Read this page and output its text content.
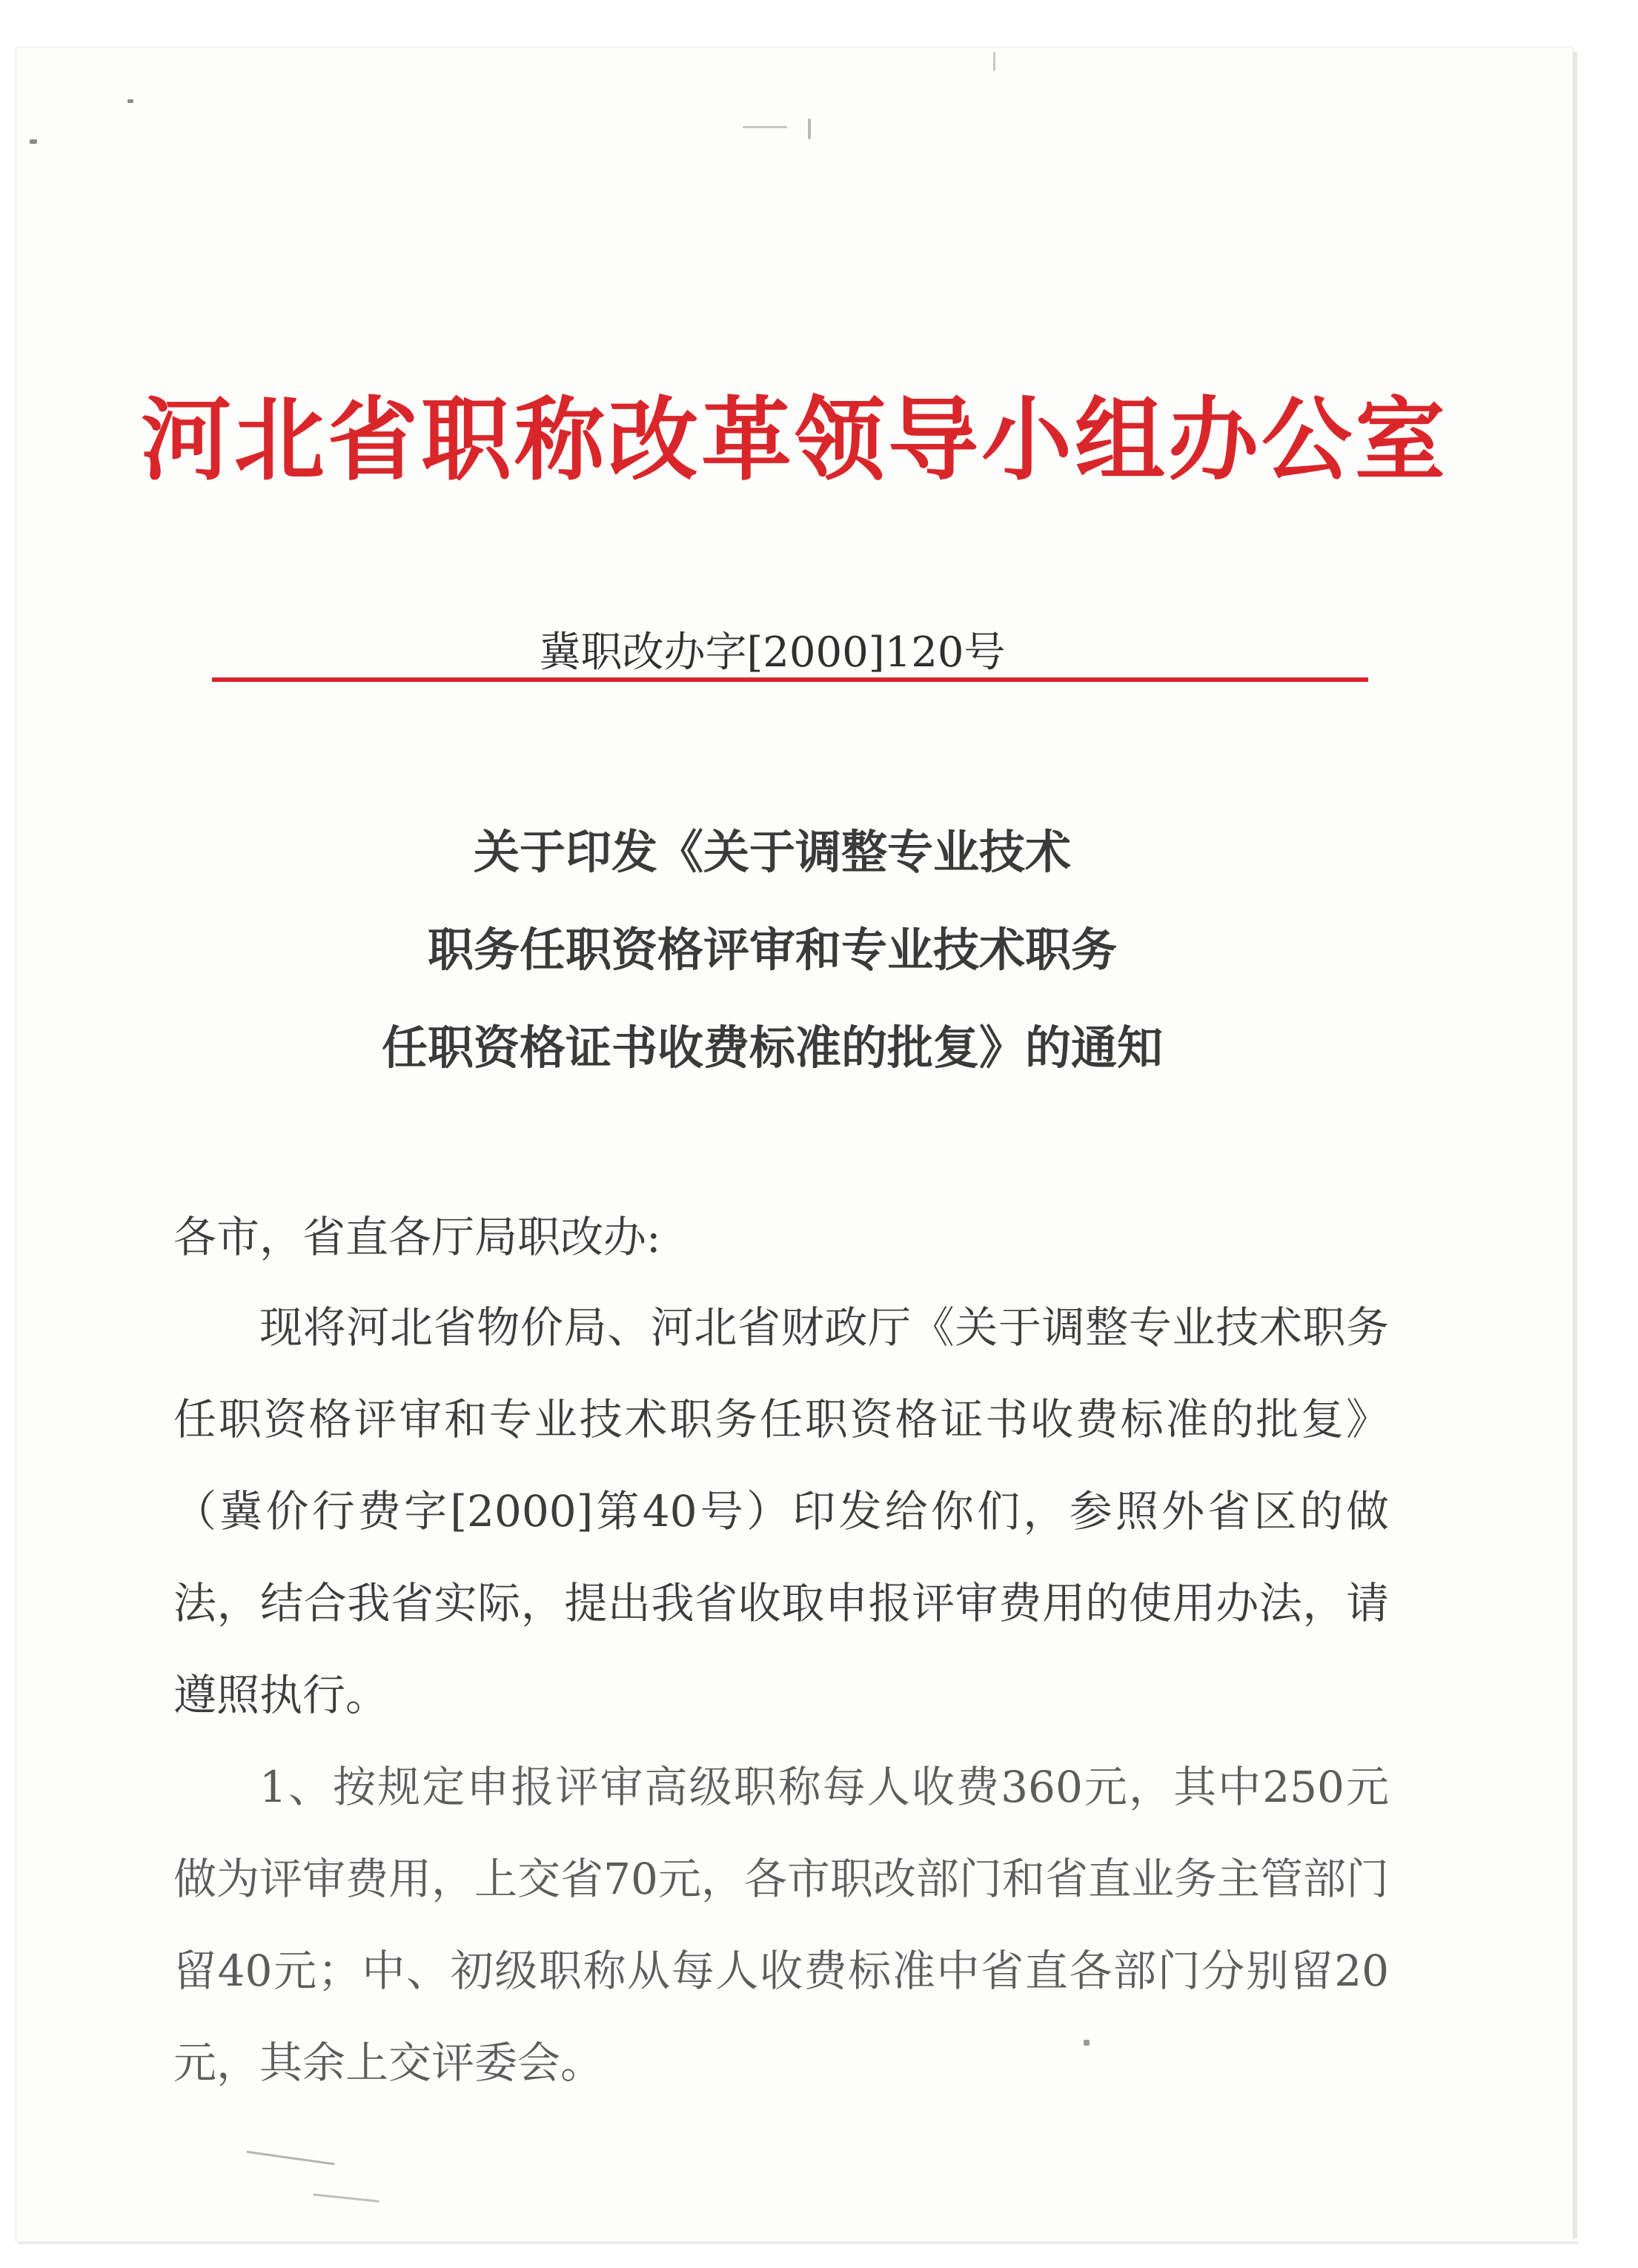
河北省职称改革领导小组办公室
冀职改办字[2000]120号
关于印发《关于调整专业技术
职务任职资格评审和专业技术职务
任职资格证书收费标准的批复》的通知
各市，省直各厅局职改办:

现将河北省物价局、河北省财政厅《关于调整专业技术职务任职资格评审和专业技术职务任职资格证书收费标准的批复》（冀价行费字[2000]第40号）印发给你们，参照外省区的做法，结合我省实际，提出我省收取申报评审费用的使用办法，请遵照执行。

1、按规定申报评审高级职称每人收费360元，其中250元做为评审费用，上交省70元，各市职改部门和省直业务主管部门留40元；中、初级职称从每人收费标准中省直各部门分别留20元，其余上交评委会。
